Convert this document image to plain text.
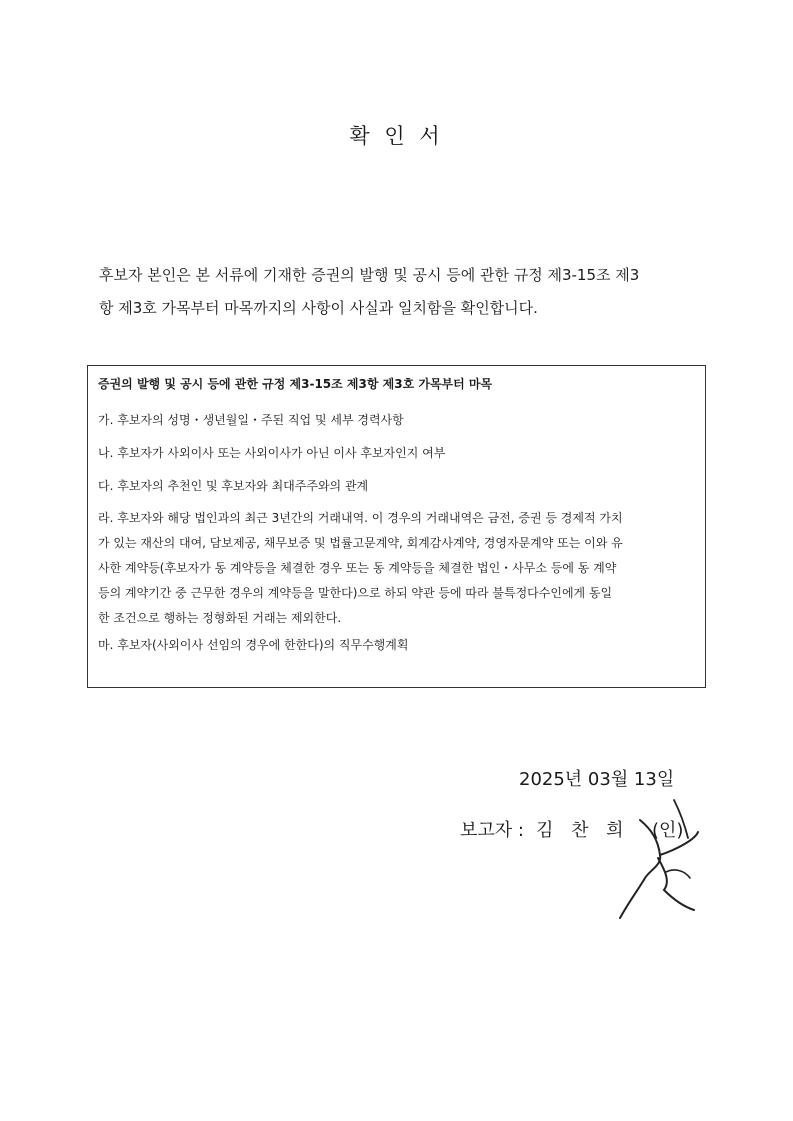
확 인 서
후보자 본인은 본 서류에 기재한 증권의 발행 및 공시 등에 관한 규정 제3-15조 제3
항 제3호 가목부터 마목까지의 사항이 사실과 일치함을 확인합니다.
증권의 발행 및 공시 등에 관한 규정 제3-15조 제3항 제3호 가목부터 마목
가. 후보자의 성명・생년월일・주된 직업 및 세부 경력사항
나. 후보자가 사외이사 또는 사외이사가 아닌 이사 후보자인지 여부
다. 후보자의 추천인 및 후보자와 최대주주와의 관계
라. 후보자와 해당 법인과의 최근 3년간의 거래내역. 이 경우의 거래내역은 금전, 증권 등 경제적 가치
가 있는 재산의 대여, 담보제공, 채무보증 및 법률고문계약, 회계감사계약, 경영자문계약 또는 이와 유
사한 계약등(후보자가 동 계약등을 체결한 경우 또는 동 계약등을 체결한 법인・사무소 등에 동 계약
등의 계약기간 중 근무한 경우의 계약등을 말한다)으로 하되 약관 등에 따라 불특정다수인에게 동일
한 조건으로 행하는 정형화된 거래는 제외한다.
마. 후보자(사외이사 선임의 경우에 한한다)의 직무수행계획
2025년 03월 13일
보고자 : 김 찬 희 (인)
